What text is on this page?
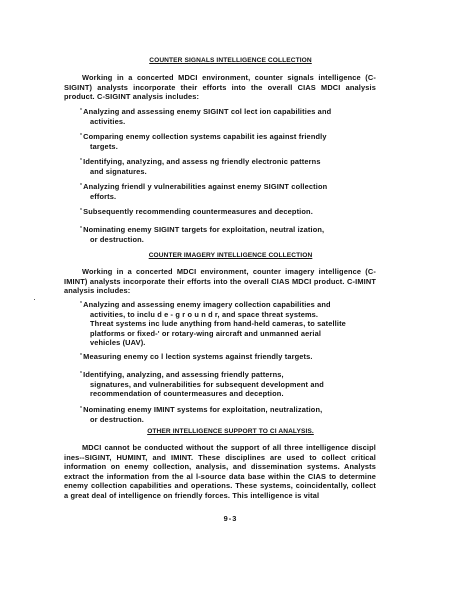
COUNTER SIGNALS INTELLIGENCE COLLECTION
Working in a concerted MDCI environment, counter signals intelligence (C-SIGINT) analysts incorporate their efforts into the overall CIAS MDCI analysis product. C-SIGINT analysis includes:
°Analyzing and assessing enemy SIGINT col lect ion capabilities and
activities.
°Comparing enemy collection systems capabilit ies against friendly
targets.
°Identifying, ana!yzing, and assess ng friendly electronic patterns
and signatures.
°Analyzing friendl y vulnerabilities against enemy SIGINT collection
efforts.
°Subsequently recommending countermeasures and deception.
°Nominating enemy SIGINT targets for exploitation, neutral ization,
or destruction.
COUNTER IMAGERY INTELLIGENCE COLLECTION
Working in a concerted MDCI environment, counter imagery intelligence (C-IMINT) analysts incorporate their efforts into the overall CIAS MDCI product. C-IMINT analysis includes:
°Analyzing and assessing enemy imagery collection capabilities and
activities, to inclu d e - g r o u n d r, and space threat systems.
Threat systems inc lude anything from hand-held cameras, to satellite
platforms or fixed-' or rotary-wing aircraft and unmanned aerial
vehicles (UAV).
°Measuring enemy co l lection systems against friendly targets.
°Identifying, analyzing, and assessing friendly patterns,
signatures, and vulnerabilities for subsequent development and
recommendation of countermeasures and deception.
°Nominating enemy IMINT systems for exploitation, neutralization,
or destruction.
OTHER INTELLIGENCE SUPPORT TO CI ANALYSIS.
MDCI cannot be conducted without the support of all three intelligence discipl ines--SIGINT, HUMINT, and IMINT. These disciplines are used to collect critical information on enemy collection, analysis, and dissemination systems. Analysts extract the information from the al l-source data base within the CIAS to determine enemy collection capabilities and operations. These systems, coincidentally, collect a great deal of intelligence on friendly forces. This intelligence is vital
9-3
